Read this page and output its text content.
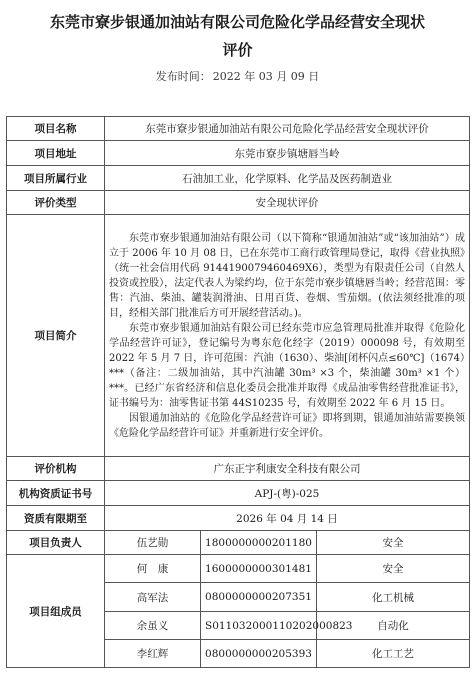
东莞市寮步银通加油站有限公司危险化学品经营安全现状
评价
发布时间： 2022 年 03 月 09 日
项目名称	东莞市寮步银通加油站有限公司危险化学品经营安全现状评价		
项目地址	东莞市寮步镇塘唇当岭		
项目所属行业	石油加工业，化学原料、化学品及医药制造业		
评价类型	安全现状评价		
项目简介	东莞市寮步银通加油站有限公司（以下简称“银通加油站”或“该加油站”）成立于 2006 年 10 月 08 日，已在东莞市工商行政管理局登记，取得《营业执照》（统一社会信用代码 9144190079460469X6），类型为有限责任公司（自然人投资或控股），法定代表人为梁约均，位于东莞市寮步镇塘唇当岭；经营范围：零售：汽油、柴油、罐装润滑油、日用百货、卷烟、雪茄烟。(依法须经批准的项目，经相关部门批准后方可开展经营活动。)。

东莞市寮步银通加油站有限公司已经东莞市应急管理局批准并取得《危险化学品经营许可证》，登记编号为粤东危化经字（2019）000098 号，有效期至 2022 年 5 月 7 日，许可范围：汽油（1630）、柴油[闭杯闪点≤60℃]（1674）***（备注：二级加油站，其中汽油罐 30m³ ×3 个，柴油罐 30m³ ×1 个）***。已经广东省经济和信息化委员会批准并取得《成品油零售经营批准证书》，证书编号为：油零售证书第 44S10235 号，有效期至 2022 年 6 月 15 日。

因银通加油站的《危险化学品经营许可证》即将到期，银通加油站需要换领《危险化学品经营许可证》并重新进行安全评价。		

评价机构	广东正宇利康安全科技有限公司		
机构资质证书号	APJ-(粤)-025		
资质有限期至	2026 年 04 月 14 日		
项目负责人	伍艺勋	1800000000201180	安全
项目组成员	何　康	1600000000301481	安全
	高军法	0800000000207351	化工机械
	余虽义	S011032000110202000823	自动化
	李红辉	0800000000205393	化工工艺
